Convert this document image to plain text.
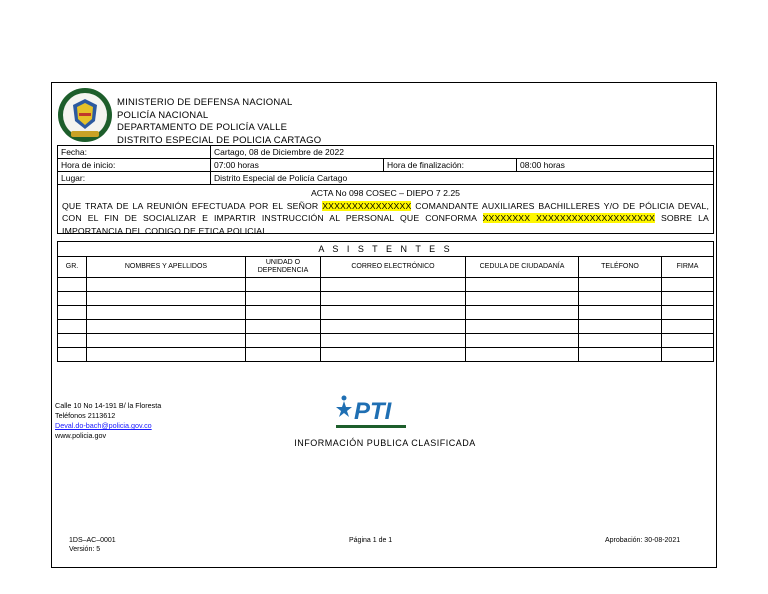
MINISTERIO DE DEFENSA NACIONAL
POLICÍA NACIONAL
DEPARTAMENTO DE POLICÍA VALLE
DISTRITO ESPECIAL DE POLICIA CARTAGO
Fecha:	Cartago, 08 de Diciembre de 2022		
Hora de inicio:	07:00 horas	Hora de finalización:	08:00 horas
Lugar:	Distrito Especial de Policía Cartago		
ACTA No 098 COSEC – DIEPO 7 2.25
QUE TRATA DE LA REUNIÓN EFECTUADA POR EL SEÑOR XXXXXXXXXXXXXXX COMANDANTE AUXILIARES BACHILLERES Y/O DE PÓLICIA DEVAL, CON EL FIN DE SOCIALIZAR E IMPARTIR INSTRUCCIÓN AL PERSONAL QUE CONFORMA XXXXXXXX XXXXXXXXXXXXXXXXXXXX SOBRE LA IMPORTANCIA DEL CODIGO DE ETICA POLICIAL.
A S I S T E N T E S						
GR.	NOMBRES Y APELLIDOS	UNIDAD O DEPENDENCIA	CORREO ELECTRÓNICO	CEDULA DE CIUDADANÍA	TELÉFONO	FIRMA

Calle 10 No 14-191 B/ la Floresta
Teléfonos 2113612
Deval.do-bach@policia.gov.co
www.policia.gov
PTI
INFORMACIÓN PUBLICA CLASIFICADA
1DS–AC–0001
Versión: 5
Página 1 de 1	Aprobación: 30-08-2021
